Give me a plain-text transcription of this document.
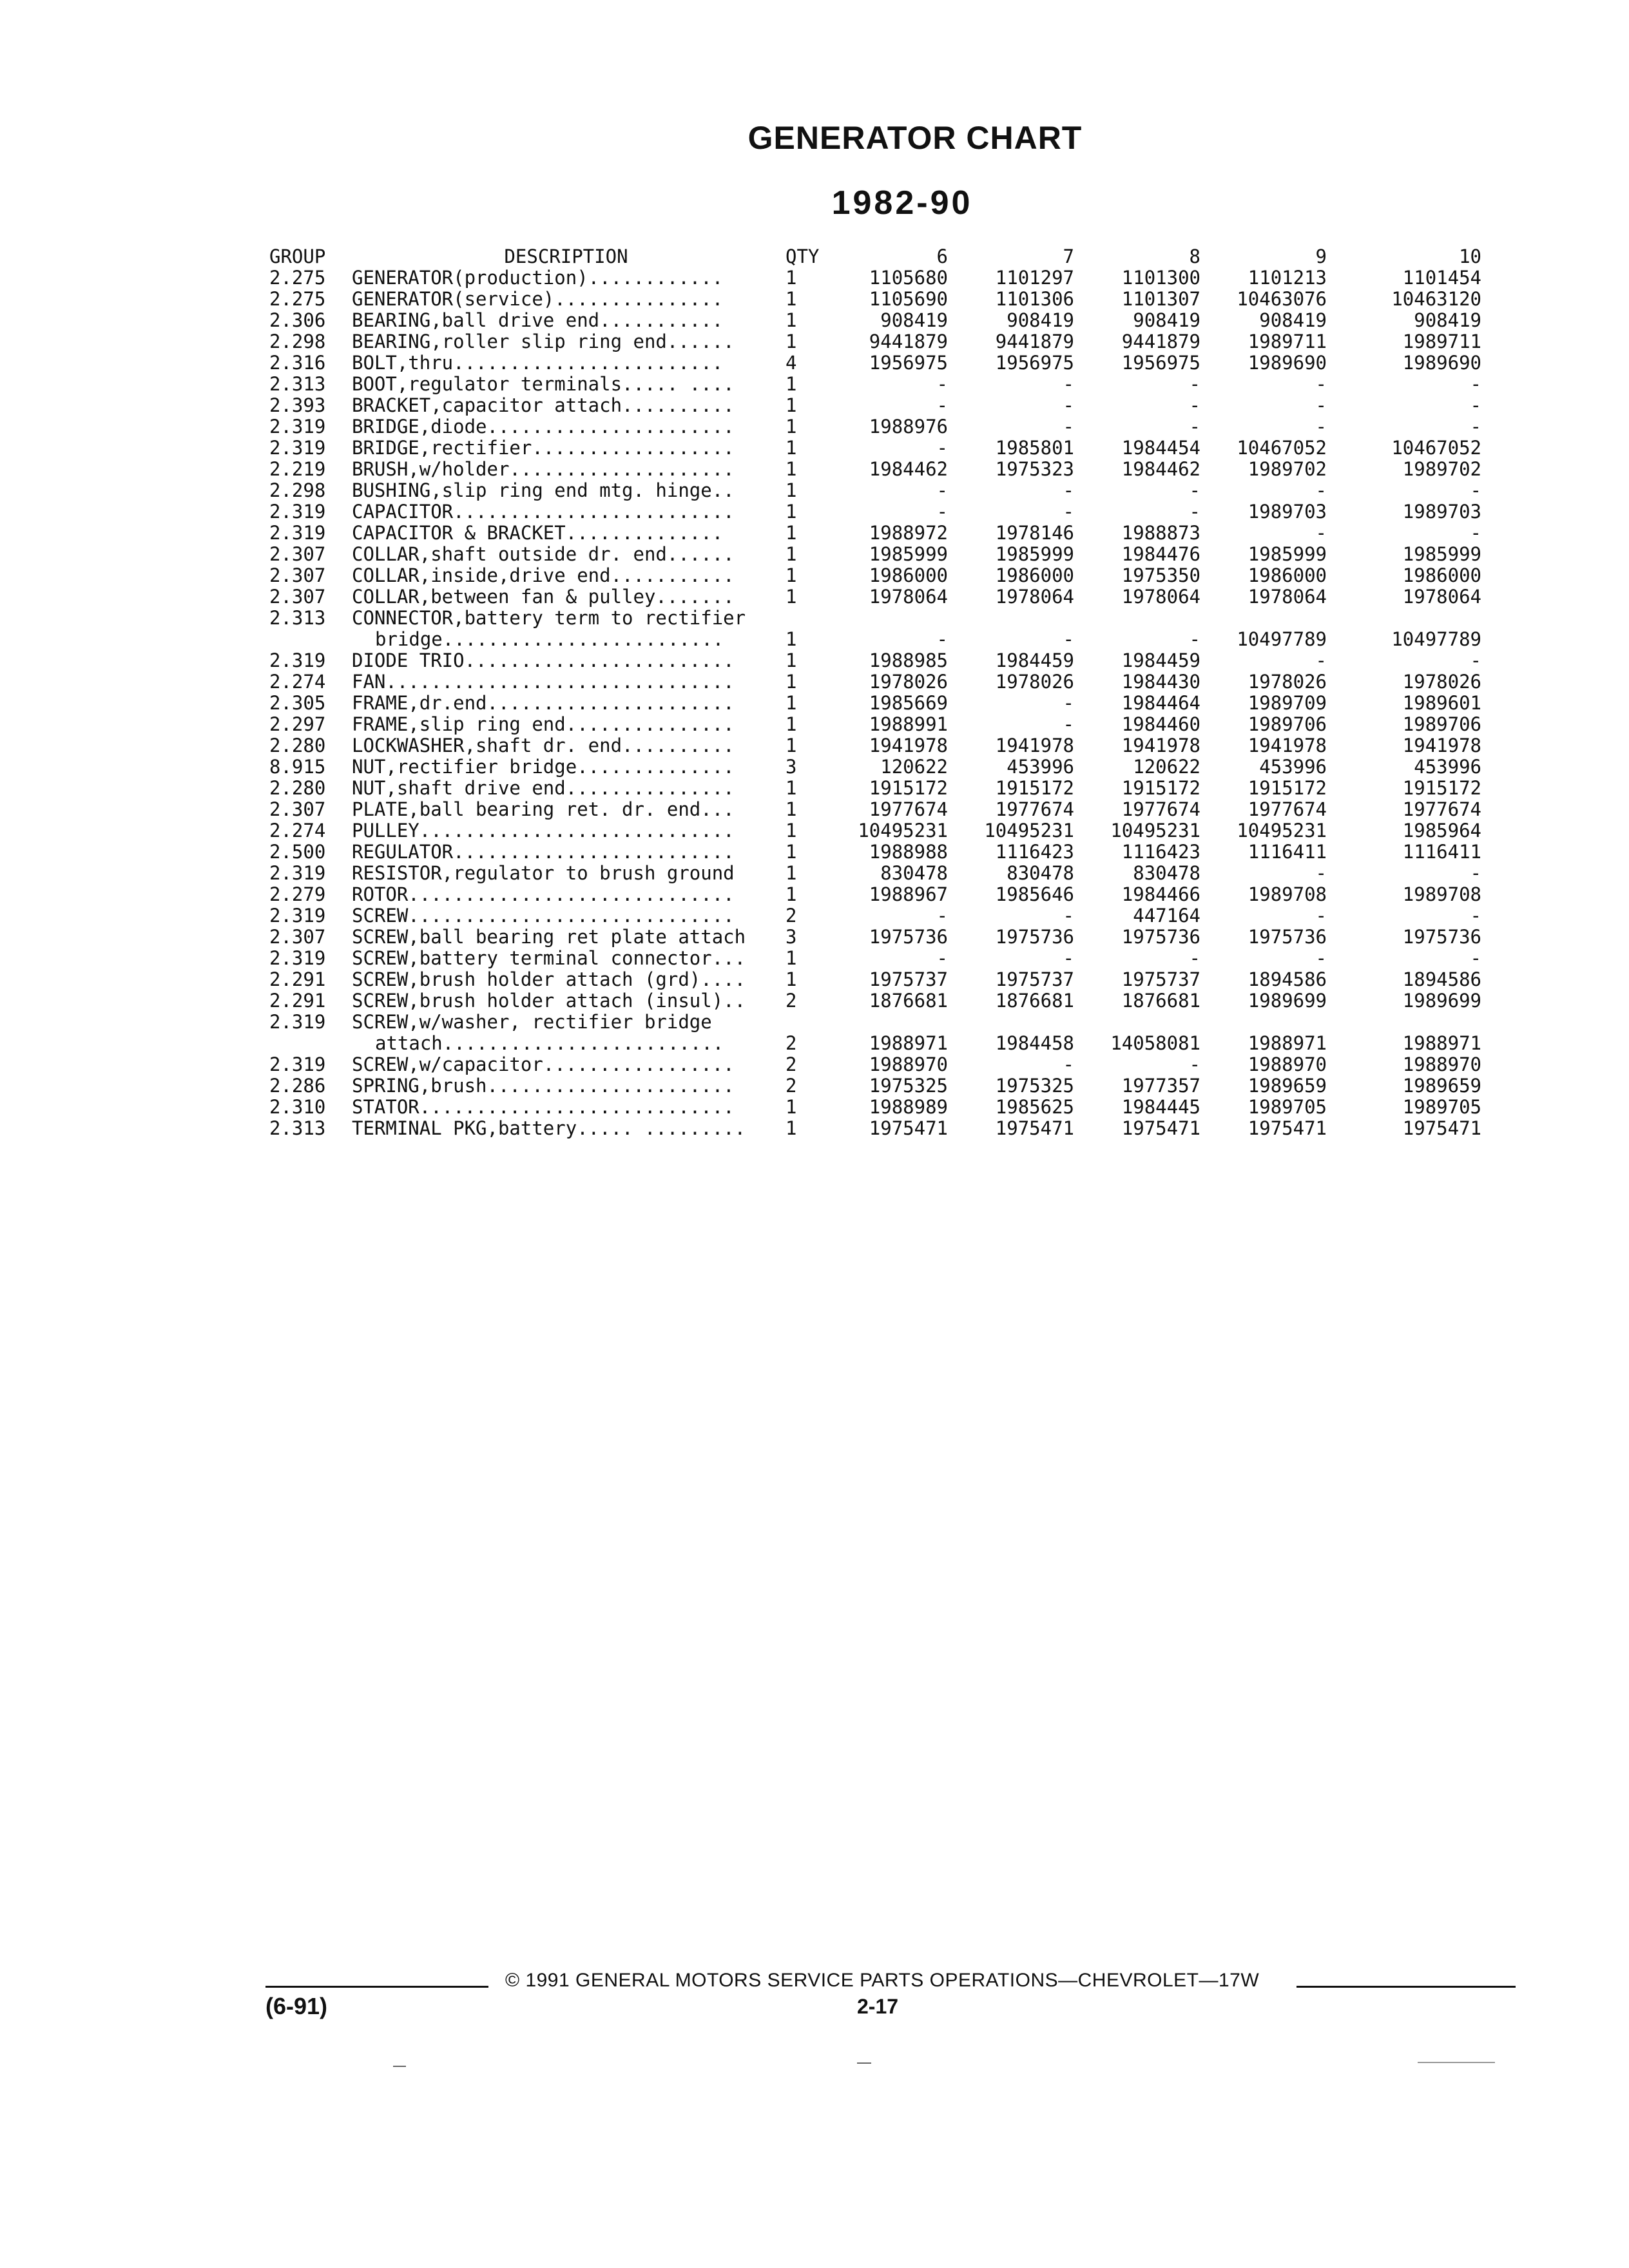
GENERATOR CHART
1982-90
GROUP	DESCRIPTION	QTY	6	7	8	9	10
2.275	GENERATOR(production)............	1	1105680	1101297	1101300	1101213	1101454
2.275	GENERATOR(service)...............	1	1105690	1101306	1101307	10463076	10463120
2.306	BEARING,ball drive end...........	1	908419	908419	908419	908419	908419
2.298	BEARING,roller slip ring end......	1	9441879	9441879	9441879	1989711	1989711
2.316	BOLT,thru........................	4	1956975	1956975	1956975	1989690	1989690
2.313	BOOT,regulator terminals..... ....	1	-	-	-	-	-
2.393	BRACKET,capacitor attach..........	1	-	-	-	-	-
2.319	BRIDGE,diode......................	1	1988976	-	-	-	-
2.319	BRIDGE,rectifier..................	1	-	1985801	1984454	10467052	10467052
2.219	BRUSH,w/holder....................	1	1984462	1975323	1984462	1989702	1989702
2.298	BUSHING,slip ring end mtg. hinge..	1	-	-	-	-	-
2.319	CAPACITOR.........................	1	-	-	-	1989703	1989703
2.319	CAPACITOR & BRACKET..............	1	1988972	1978146	1988873	-	-
2.307	COLLAR,shaft outside dr. end......	1	1985999	1985999	1984476	1985999	1985999
2.307	COLLAR,inside,drive end...........	1	1986000	1986000	1975350	1986000	1986000
2.307	COLLAR,between fan & pulley.......	1	1978064	1978064	1978064	1978064	1978064
2.313	CONNECTOR,battery term to rectifier						
	bridge.........................	1	-	-	-	10497789	10497789
2.319	DIODE TRIO........................	1	1988985	1984459	1984459	-	-
2.274	FAN...............................	1	1978026	1978026	1984430	1978026	1978026
2.305	FRAME,dr.end......................	1	1985669	-	1984464	1989709	1989601
2.297	FRAME,slip ring end...............	1	1988991	-	1984460	1989706	1989706
2.280	LOCKWASHER,shaft dr. end..........	1	1941978	1941978	1941978	1941978	1941978
8.915	NUT,rectifier bridge..............	3	120622	453996	120622	453996	453996
2.280	NUT,shaft drive end...............	1	1915172	1915172	1915172	1915172	1915172
2.307	PLATE,ball bearing ret. dr. end...	1	1977674	1977674	1977674	1977674	1977674
2.274	PULLEY............................	1	10495231	10495231	10495231	10495231	1985964
2.500	REGULATOR.........................	1	1988988	1116423	1116423	1116411	1116411
2.319	RESISTOR,regulator to brush ground	1	830478	830478	830478	-	-
2.279	ROTOR.............................	1	1988967	1985646	1984466	1989708	1989708
2.319	SCREW.............................	2	-	-	447164	-	-
2.307	SCREW,ball bearing ret plate attach	3	1975736	1975736	1975736	1975736	1975736
2.319	SCREW,battery terminal connector...	1	-	-	-	-	-
2.291	SCREW,brush holder attach (grd)....	1	1975737	1975737	1975737	1894586	1894586
2.291	SCREW,brush holder attach (insul)..	2	1876681	1876681	1876681	1989699	1989699
2.319	SCREW,w/washer, rectifier bridge						
	attach.........................	2	1988971	1984458	14058081	1988971	1988971
2.319	SCREW,w/capacitor.................	2	1988970	-	-	1988970	1988970
2.286	SPRING,brush......................	2	1975325	1975325	1977357	1989659	1989659
2.310	STATOR............................	1	1988989	1985625	1984445	1989705	1989705
2.313	TERMINAL PKG,battery..... .........	1	1975471	1975471	1975471	1975471	1975471
© 1991 GENERAL MOTORS SERVICE PARTS OPERATIONS—CHEVROLET—17W
(6-91)	2-17
